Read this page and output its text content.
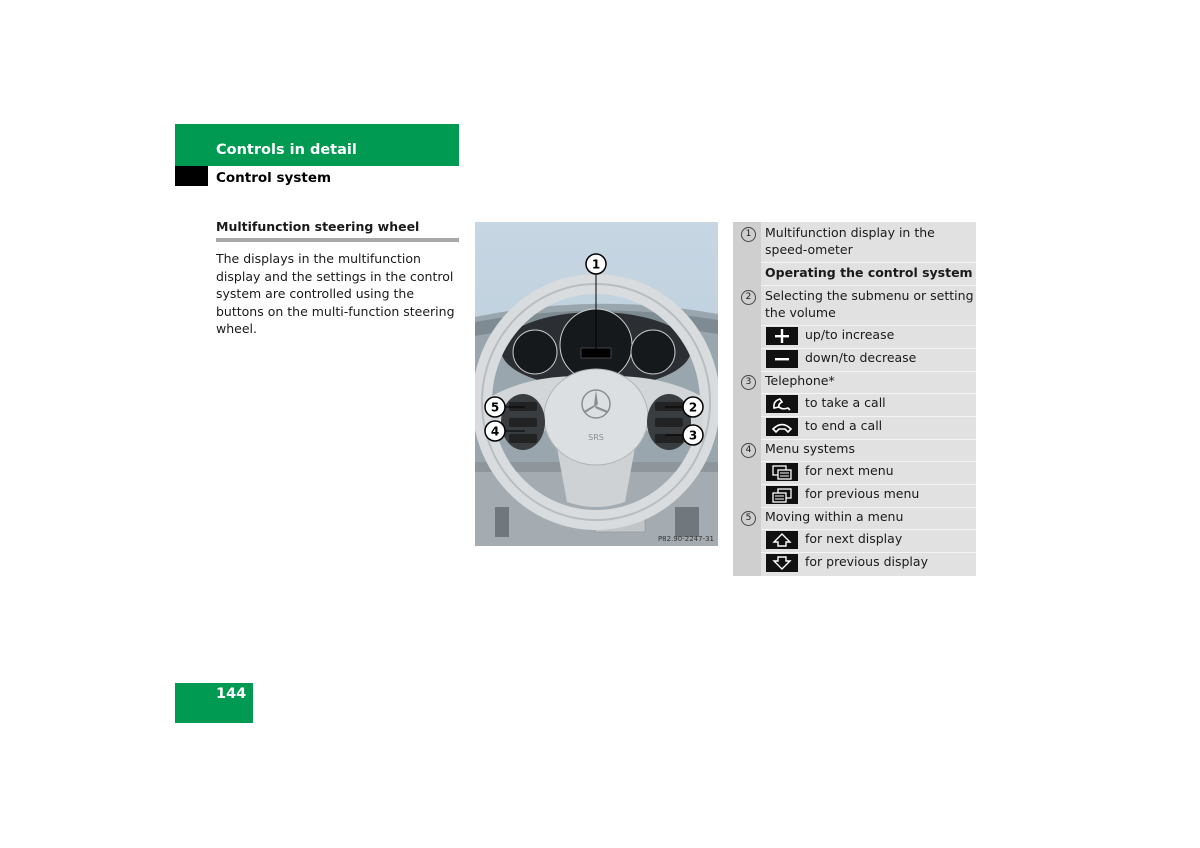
Controls in detail
Control system
Multifunction steering wheel
The displays in the multifunction display and the settings in the control system are controlled using the buttons on the multi-function steering wheel.
SRS
1
5
4
2
3
P82.90-2247-31
1	Multifunction display in the speed-ometer
Operating the control system
2	Selecting the submenu or setting the volume
up/to increase
down/to decrease
3	Telephone*
to take a call
to end a call
4	Menu systems
for next menu
for previous menu
5	Moving within a menu
for next display
for previous display
144
